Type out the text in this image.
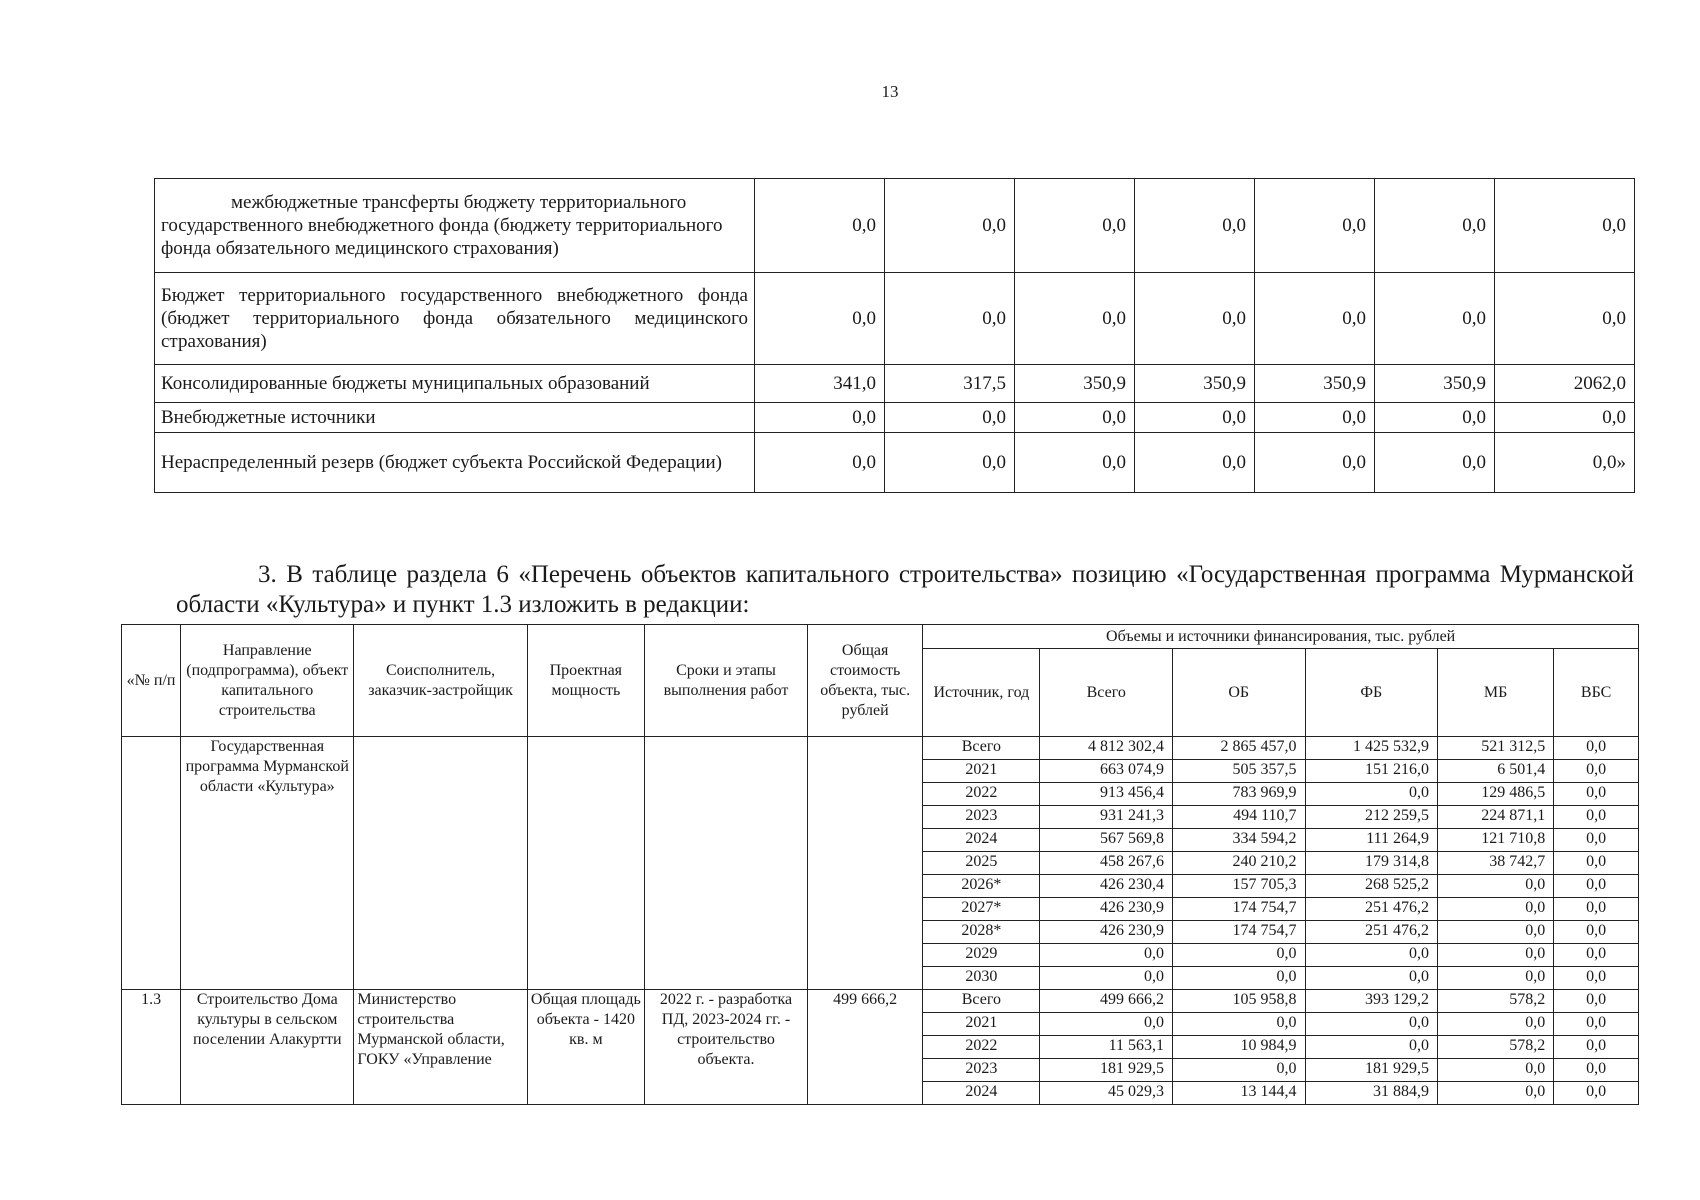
13
межбюджетные трансферты бюджету территориального государственного внебюджетного фонда (бюджету территориального фонда обязательного медицинского страхования)	0,0	0,0	0,0	0,0	0,0	0,0	0,0
Бюджет территориального государственного внебюджетного фонда (бюджет территориального фонда обязательного медицинского страхования)	0,0	0,0	0,0	0,0	0,0	0,0	0,0
Консолидированные бюджеты муниципальных образований	341,0	317,5	350,9	350,9	350,9	350,9	2062,0
Внебюджетные источники	0,0	0,0	0,0	0,0	0,0	0,0	0,0
Нераспределенный резерв (бюджет субъекта Российской Федерации)	0,0	0,0	0,0	0,0	0,0	0,0	0,0»
3. В таблице раздела 6 «Перечень объектов капитального строительства» позицию «Государственная программа Мурманской области «Культура» и пункт 1.3 изложить в редакции:
«№ п/п	Направление (подпрограмма), объект капитального строительства	Соисполнитель, заказчик-застройщик	Проектная мощность	Сроки и этапы выполнения работ	Общая стоимость объекта, тыс. рублей	Объемы и источники финансирования, тыс. рублей					
						Источник, год	Всего	ОБ	ФБ	МБ	ВБС
	Государственная программа Мурманской области «Культура»					Всего	4 812 302,4	2 865 457,0	1 425 532,9	521 312,5	0,0
						2021	663 074,9	505 357,5	151 216,0	6 501,4	0,0
						2022	913 456,4	783 969,9	0,0	129 486,5	0,0
						2023	931 241,3	494 110,7	212 259,5	224 871,1	0,0
						2024	567 569,8	334 594,2	111 264,9	121 710,8	0,0
						2025	458 267,6	240 210,2	179 314,8	38 742,7	0,0
						2026*	426 230,4	157 705,3	268 525,2	0,0	0,0
						2027*	426 230,9	174 754,7	251 476,2	0,0	0,0
						2028*	426 230,9	174 754,7	251 476,2	0,0	0,0
						2029	0,0	0,0	0,0	0,0	0,0
						2030	0,0	0,0	0,0	0,0	0,0
1.3	Строительство Дома культуры в сельском поселении Алакуртти	Министерство строительства Мурманской области, ГОКУ «Управление	Общая площадь объекта - 1420 кв. м	2022 г. - разработка ПД, 2023-2024 гг. - строительство объекта.	499 666,2	Всего	499 666,2	105 958,8	393 129,2	578,2	0,0
						2021	0,0	0,0	0,0	0,0	0,0
						2022	11 563,1	10 984,9	0,0	578,2	0,0
						2023	181 929,5	0,0	181 929,5	0,0	0,0
						2024	45 029,3	13 144,4	31 884,9	0,0	0,0
